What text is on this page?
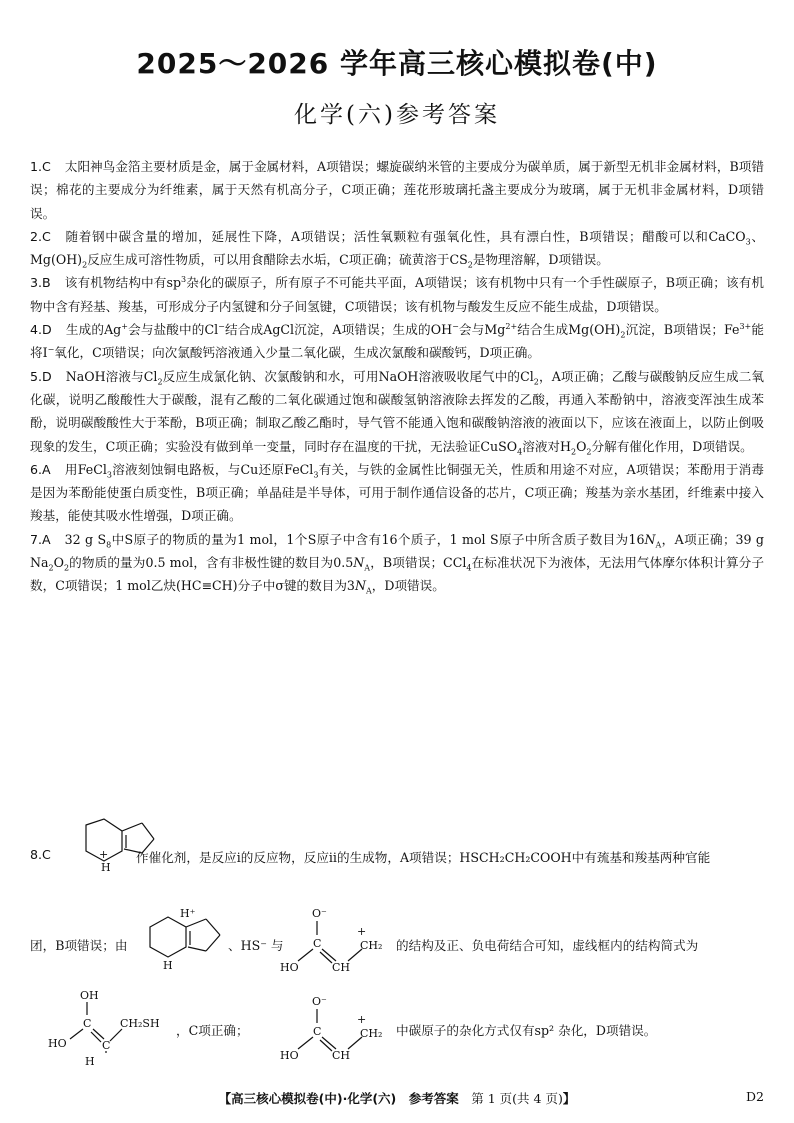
2025～2026 学年高三核心模拟卷(中)
化学(六)参考答案

1.C 太阳神鸟金箔主要材质是金，属于金属材料，A项错误；螺旋碳纳米管的主要成分为碳单质，属于新型无机非金属材料，B项错误；棉花的主要成分为纤维素，属于天然有机高分子，C项正确；莲花形玻璃托盏主要成分为玻璃，属于无机非金属材料，D项错误。

2.C 随着钢中碳含量的增加，延展性下降，A项错误；活性氧颗粒有强氧化性，具有漂白性，B项错误；醋酸可以和CaCO$_3$、$Mg(OH)_2$反应生成可溶性物质，可以用食醋除去水垢，C项正确；硫黄溶于$CS_2$是物理溶解，D项错误。

3.B 该有机物结构中有$sp^3$杂化的碳原子，所有原子不可能共平面，A项错误；该有机物中只有一个手性碳原子，B项正确；该有机物中含有羟基、羧基，可形成分子内氢键和分子间氢键，C项错误；该有机物与酸发生反应不能生成盐，D项错误。

4.D 生成的Ag+会与盐酸中的Cl−结合成AgCl沉淀，A项错误；生成的OH−会与$Mg^{2+}$结合生成$Mg(OH)_2$沉淀，B项错误；$Fe^{3+}$能将I−氧化，C项错误；向次氯酸钙溶液通入少量二氧化碳，生成次氯酸和碳酸钙，D项正确。

5.D NaOH溶液与$Cl_2$反应生成氯化钠、次氯酸钠和水，可用NaOH溶液吸收尾气中的$Cl_2$，A项正确；乙酸与碳酸钠反应生成二氧化碳，说明乙酸酸性大于碳酸，混有乙酸的二氧化碳通过饱和碳酸氢钠溶液除去挥发的乙酸，再通入苯酚钠中，溶液变浑浊生成苯酚，说明碳酸酸性大于苯酚，B项正确；制取乙酸乙酯时，导气管不能通入饱和碳酸钠溶液的液面以下，应该在液面上，以防止倒吸现象的发生，C项正确；实验没有做到单一变量，同时存在温度的干扰，无法验证CuSO$_4$溶液对$H_2O_2$分解有催化作用，D项错误。

6.A 用FeCl$_3$溶液刻蚀铜电路板，与Cu还原FeCl$_3$有关，与铁的金属性比铜强无关，性质和用途不对应，A项错误；苯酚用于消毒是因为苯酚能使蛋白质变性，B项正确；单晶硅是半导体，可用于制作通信设备的芯片，C项正确；羧基为亲水基团，纤维素中接入羧基，能使其吸水性增强，D项正确。

7.A 32 g $S_8$中S原子的物质的量为1 mol，1个S原子中含有16个质子，1 mol S原子中所含质子数目为$16N_A$，A项正确；39 g $Na_2O_2$的物质的量为0.5 mol，含有非极性键的数目为$0.5N_A$，B项错误；CCl$_4$在标准状况下为液体，无法用气体摩尔体积计算分子数，C项错误；1 mol乙炔(HC≡CH)分子中σ键的数目为$3N_A$，D项错误。

+
H
8.C	作催化剂，是反应ⅰ的反应物，反应ⅱ的生成物，A项错误；HSCH₂CH₂COOH中有巯基和羧基两种官能
团，B项错误；由
H⁺
H
、HS⁻ 与
O⁻
C
HO	CH
+
CH₂ 的结构及正、负电荷结合可知，虚线框内的结构简式为
OH
C
HO	C
CH₂SH
H
，C项正确；
O⁻
C
HO	CH
+
CH₂ 中碳原子的杂化方式仅有sp² 杂化，D项错误。
【高三核心模拟卷(中)·化学(六)　参考答案　第 1 页(共 4 页)】	D2
